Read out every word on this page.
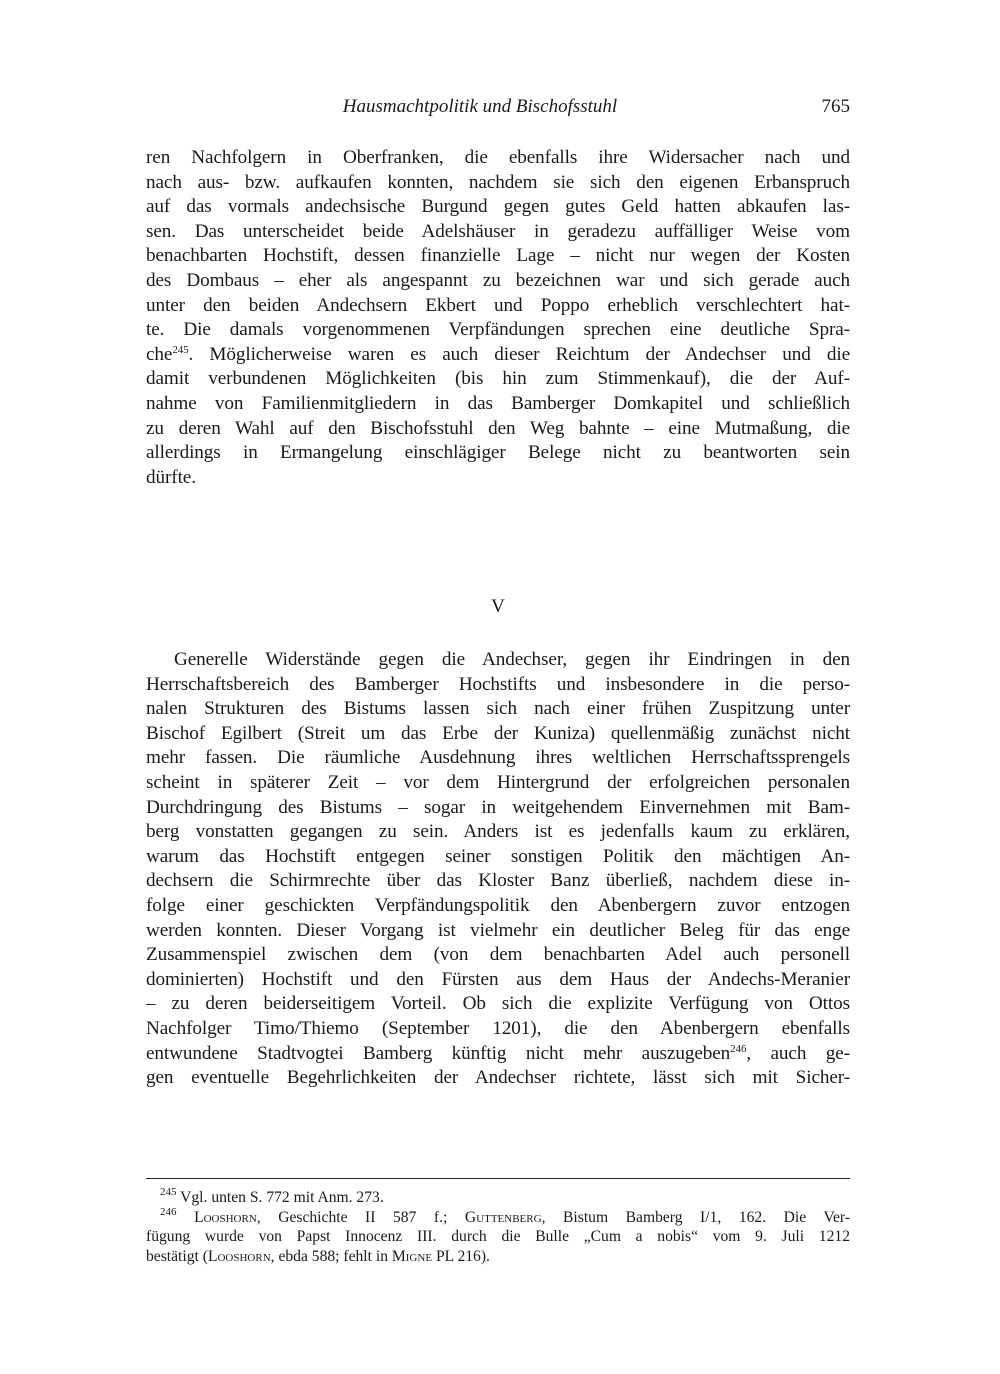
Hausmachtpolitik und Bischofsstuhl	765
ren Nachfolgern in Oberfranken, die ebenfalls ihre Widersacher nach und
nach aus- bzw. aufkaufen konnten, nachdem sie sich den eigenen Erbanspruch
auf das vormals andechsische Burgund gegen gutes Geld hatten abkaufen las-
sen. Das unterscheidet beide Adelshäuser in geradezu auffälliger Weise vom
benachbarten Hochstift, dessen finanzielle Lage – nicht nur wegen der Kosten
des Dombaus – eher als angespannt zu bezeichnen war und sich gerade auch
unter den beiden Andechsern Ekbert und Poppo erheblich verschlechtert hat-
te. Die damals vorgenommenen Verpfändungen sprechen eine deutliche Spra-
che$^{245}$. Möglicherweise waren es auch dieser Reichtum der Andechser und die
damit verbundenen Möglichkeiten (bis hin zum Stimmenkauf), die der Auf-
nahme von Familienmitgliedern in das Bamberger Domkapitel und schließlich
zu deren Wahl auf den Bischofsstuhl den Weg bahnte – eine Mutmaßung, die
allerdings in Ermangelung einschlägiger Belege nicht zu beantworten sein
dürfte.
V
Generelle Widerstände gegen die Andechser, gegen ihr Eindringen in den
Herrschaftsbereich des Bamberger Hochstifts und insbesondere in die perso-
nalen Strukturen des Bistums lassen sich nach einer frühen Zuspitzung unter
Bischof Egilbert (Streit um das Erbe der Kuniza) quellenmäßig zunächst nicht
mehr fassen. Die räumliche Ausdehnung ihres weltlichen Herrschaftssprengels
scheint in späterer Zeit – vor dem Hintergrund der erfolgreichen personalen
Durchdringung des Bistums – sogar in weitgehendem Einvernehmen mit Bam-
berg vonstatten gegangen zu sein. Anders ist es jedenfalls kaum zu erklären,
warum das Hochstift entgegen seiner sonstigen Politik den mächtigen An-
dechsern die Schirmrechte über das Kloster Banz überließ, nachdem diese in-
folge einer geschickten Verpfändungspolitik den Abenbergern zuvor entzogen
werden konnten. Dieser Vorgang ist vielmehr ein deutlicher Beleg für das enge
Zusammenspiel zwischen dem (von dem benachbarten Adel auch personell
dominierten) Hochstift und den Fürsten aus dem Haus der Andechs-Meranier
– zu deren beiderseitigem Vorteil. Ob sich die explizite Verfügung von Ottos
Nachfolger Timo/Thiemo (September 1201), die den Abenbergern ebenfalls
entwundene Stadtvogtei Bamberg künftig nicht mehr auszugeben$^{246}$, auch ge-
gen eventuelle Begehrlichkeiten der Andechser richtete, lässt sich mit Sicher-
$^{245}$ Vgl. unten S. 772 mit Anm. 273.
$^{246}$ Looshorn, Geschichte II 587 f.; Guttenberg, Bistum Bamberg I/1, 162. Die Ver-
fügung wurde von Papst Innocenz III. durch die Bulle „Cum a nobis“ vom 9. Juli 1212
bestätigt (Looshorn, ebda 588; fehlt in Migne PL 216).
